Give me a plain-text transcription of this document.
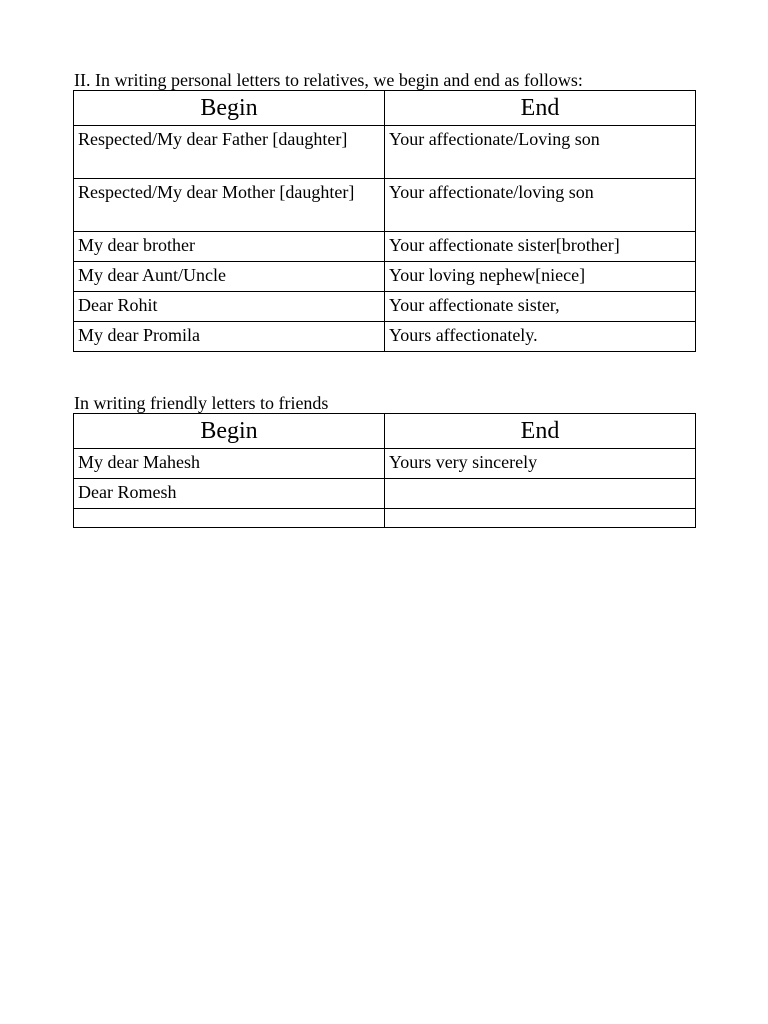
II. In writing personal letters to relatives, we begin and end as follows:
Begin	End
Respected/My dear Father [daughter]	Your affectionate/Loving son
Respected/My dear Mother [daughter]	Your affectionate/loving son
My dear brother	Your affectionate sister[brother]
My dear Aunt/Uncle	Your loving nephew[niece]
Dear Rohit	Your affectionate sister,
My dear Promila	Yours affectionately.
In writing friendly letters to friends
Begin	End
My dear Mahesh	Yours very sincerely
Dear Romesh	
